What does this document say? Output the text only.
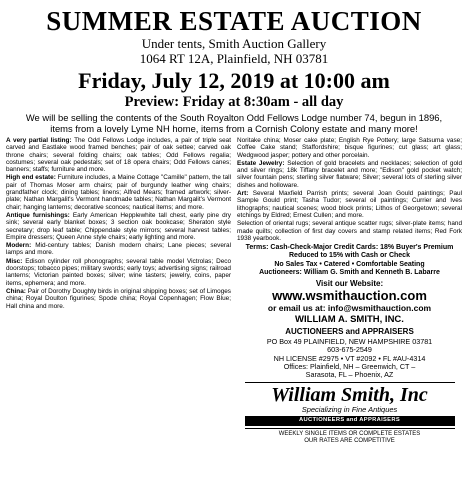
SUMMER ESTATE AUCTION
Under tents, Smith Auction Gallery
1064 RT 12A, Plainfield, NH 03781
Friday, July 12, 2019 at 10:00 am
Preview: Friday at 8:30am - all day
We will be selling the contents of the South Royalton Odd Fellows Lodge number 74, begun in 1896, items from a lovely Lyme NH home, items from a Cornish Colony estate and many more!

A very partial listing: The Odd Fellows Lodge includes, a pair of triple seat carved and Eastlake wood framed benches; pair of oak settee; carved oak throne chairs; several folding chairs; oak tables; Odd Fellows regalia; costumes; several oak pedestals; set of 18 opera chairs; Odd Fellows canes; banners; staffs; furniture and more.

High end estate: Furniture includes, a Maine Cottage "Camille" pattern, the tall pair of Thomas Moser arm chairs; pair of burgundy leather wing chairs; grandfather clock; dining tables; linens; Alfred Mears; framed artwork; silver-plate; Nathan Margalit's Vermont handmade tables; Nathan Margalit's Vermont chair; hanging lanterns; decorative sconces; nautical items; and more.

Antique furnishings: Early American Hepplewhite tall chest, early pine dry sink; several early blanket boxes; 3 section oak bookcase; Sheraton style secretary; drop leaf table; Chippendale style mirrors; several harvest tables; Empire dressers; Queen Anne style chairs; early lighting and more.

Modern: Mid-century tables; Danish modern chairs; Lane pieces; several lamps and more.

Misc: Edison cylinder roll phonographs; several table model Victrolas; Deco doorstops; tobacco pipes; military swords; early toys; advertising signs; railroad lanterns; Victorian painted boxes; silver; wine tasters; jewelry, coins, paper items, ephemera; and more.

China: Pair of Dorothy Doughty birds in original shipping boxes; set of Limoges china; Royal Doulton figurines; Spode china; Royal Copenhagen; Flow Blue; Hall china and more.

Noritake china; Moser cake plate; English Rye Pottery; large Satsuma vase; Coffee Cake stand; Staffordshire; bisque figurines; cut glass; art glass; Wedgwood jasper; pottery and other porcelain.

Estate Jewelry: Selection of gold bracelets and necklaces; selection of gold and silver rings; 18k Tiffany bracelet and more; "Edison" gold pocket watch; silver fountain pens; sterling silver flatware; Silver; several lots of sterling silver dishes and holloware.

Art: Several Maxfield Parrish prints; several Joan Gould paintings; Paul Sample Gould print; Tasha Tudor; several oil paintings; Currier and Ives lithographs; nautical scenes; wood block prints; Lithos of Georgetown; several etchings by Eldred; Ernest Cullen; and more.

Selection of oriental rugs; several antique scatter rugs; silver-plate items; hand made quilts; collection of first day covers and stamp related items; Red Fork 1938 yearbook.

Terms: Cash-Check-Major Credit Cards: 18% Buyer's Premium Reduced to 15% with Cash or Check
No Sales Tax • Catered • Comfortable Seating
Auctioneers: William G. Smith and Kenneth B. Labarre
Visit our Website:
www.wsmithauction.com
or email us at: info@wsmithauction.com
WILLIAM A. SMITH, INC.
AUCTIONEERS and APPRAISERS
PO Box 49 PLAINFIELD, NEW HAMPSHIRE 03781
603-675-2549
NH LICENSE #2975 • VT #2092 • FL #AU-4314
Offices: Plainfield, NH – Greenwich, CT –
Sarasota, FL – Phoenix, AZ
William Smith, Inc
Specializing in Fine Antiques
AUCTIONEERS and APPRAISERS
WEEKLY SINGLE ITEMS OR COMPLETE ESTATES
OUR RATES ARE COMPETITIVE
